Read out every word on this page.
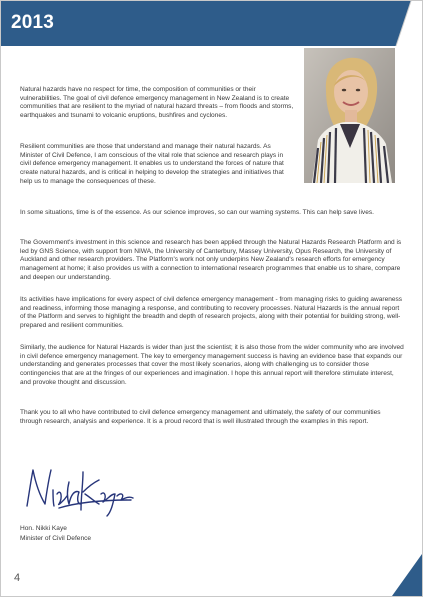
2013

Natural hazards have no respect for time, the composition of communities or their vulnerabilities. The goal of civil defence emergency management in New Zealand is to create communities that are resilient to the myriad of natural hazard threats – from floods and storms, earthquakes and tsunami to volcanic eruptions, bushfires and cyclones.

Resilient communities are those that understand and manage their natural hazards. As Minister of Civil Defence, I am conscious of the vital role that science and research plays in civil defence emergency management. It enables us to understand the forces of nature that create natural hazards, and is critical in helping to develop the strategies and initiatives that help us to manage the consequences of these.

In some situations, time is of the essence. As our science improves, so can our warning systems. This can help save lives.

The Government's investment in this science and research has been applied through the Natural Hazards Research Platform and is led by GNS Science, with support from NIWA, the University of Canterbury, Massey University, Opus Research, the University of Auckland and other research providers. The Platform's work not only underpins New Zealand's research efforts for emergency management at home; it also provides us with a connection to international research programmes that enable us to share, compare and deepen our understanding.

Its activities have implications for every aspect of civil defence emergency management - from managing risks to guiding awareness and readiness, informing those managing a response, and contributing to recovery processes. Natural Hazards is the annual report of the Platform and serves to highlight the breadth and depth of research projects, along with their potential for building strong, well-prepared and resilient communities.

Similarly, the audience for Natural Hazards is wider than just the scientist; it is also those from the wider community who are involved in civil defence emergency management. The key to emergency management success is having an evidence base that expands our understanding and generates processes that cover the most likely scenarios, along with challenging us to consider those contingencies that are at the fringes of our experiences and imagination. I hope this annual report will therefore stimulate interest, and provoke thought and discussion.

Thank you to all who have contributed to civil defence emergency management and ultimately, the safety of our communities through research, analysis and experience. It is a proud record that is well illustrated through the examples in this report.

Hon. Nikki Kaye
Minister of Civil Defence
4
